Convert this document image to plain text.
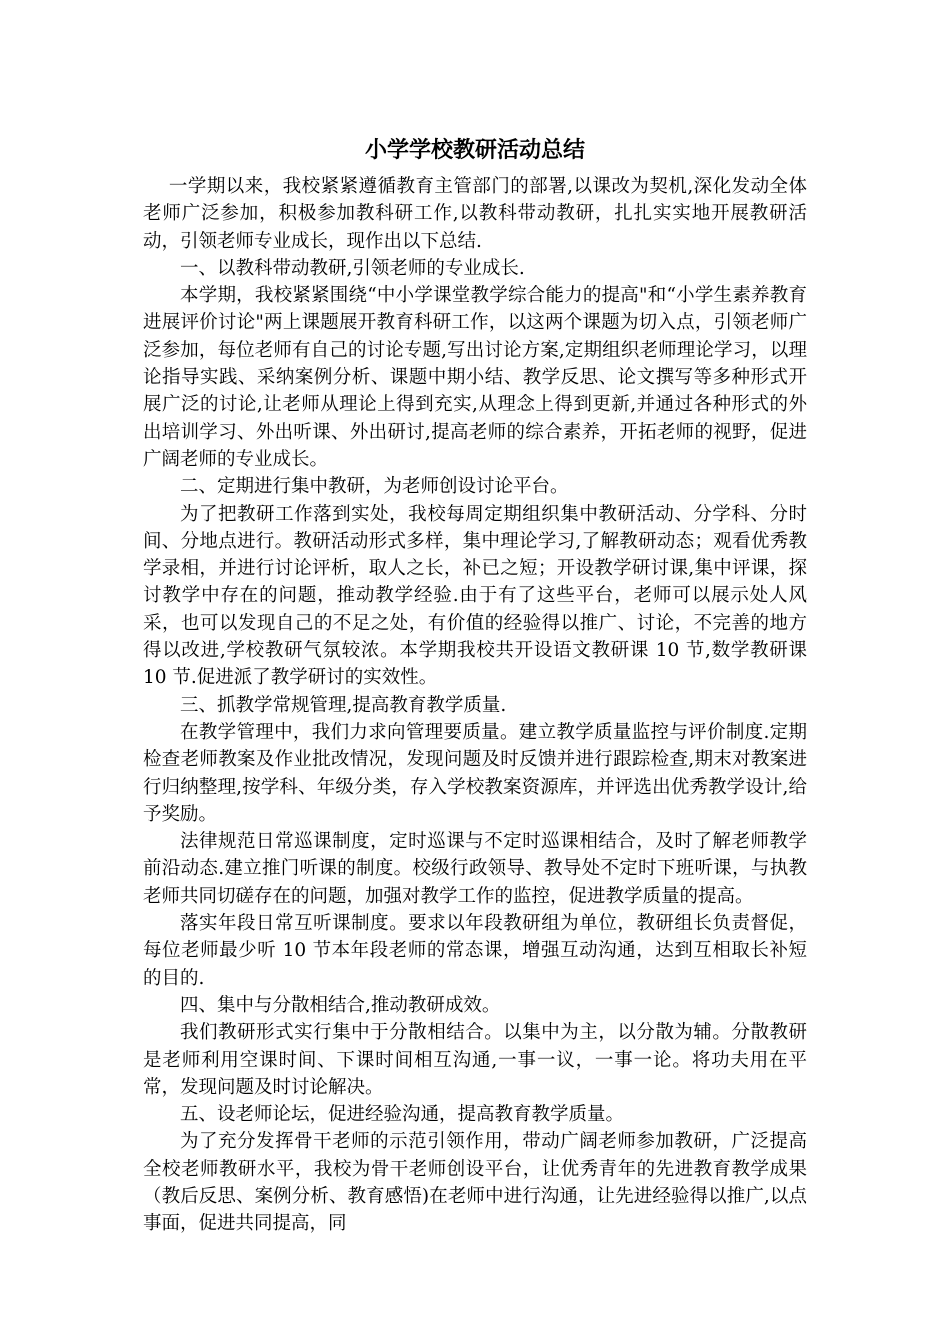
小学学校教研活动总结

一学期以来，我校紧紧遵循教育主管部门的部署,以课改为契机,深化发动全体老师广泛参加，积极参加教科研工作,以教科带动教研，扎扎实实地开展教研活动，引领老师专业成长，现作出以下总结.

一、以教科带动教研,引领老师的专业成长.

本学期，我校紧紧围绕“中小学课堂教学综合能力的提高"和“小学生素养教育进展评价讨论"两上课题展开教育科研工作，以这两个课题为切入点，引领老师广泛参加，每位老师有自己的讨论专题,写出讨论方案,定期组织老师理论学习，以理论指导实践、采纳案例分析、课题中期小结、教学反思、论文撰写等多种形式开展广泛的讨论,让老师从理论上得到充实,从理念上得到更新,并通过各种形式的外出培训学习、外出听课、外出研讨,提高老师的综合素养，开拓老师的视野，促进广阔老师的专业成长。

二、定期进行集中教研，为老师创设讨论平台。

为了把教研工作落到实处，我校每周定期组织集中教研活动、分学科、分时间、分地点进行。教研活动形式多样，集中理论学习,了解教研动态；观看优秀教学录相，并进行讨论评析，取人之长，补已之短；开设教学研讨课,集中评课，探讨教学中存在的问题，推动教学经验.由于有了这些平台，老师可以展示处人风采，也可以发现自己的不足之处，有价值的经验得以推广、讨论，不完善的地方得以改进,学校教研气氛较浓。本学期我校共开设语文教研课 10 节,数学教研课 10 节.促进派了教学研讨的实效性。

三、抓教学常规管理,提高教育教学质量.

在教学管理中，我们力求向管理要质量。建立教学质量监控与评价制度.定期检查老师教案及作业批改情况，发现问题及时反馈并进行跟踪检查,期末对教案进行归纳整理,按学科、年级分类，存入学校教案资源库，并评选出优秀教学设计,给予奖励。

法律规范日常巡课制度，定时巡课与不定时巡课相结合，及时了解老师教学前沿动态.建立推门听课的制度。校级行政领导、教导处不定时下班听课，与执教老师共同切磋存在的问题，加强对教学工作的监控，促进教学质量的提高。

落实年段日常互听课制度。要求以年段教研组为单位，教研组长负责督促，每位老师最少听 10 节本年段老师的常态课，增强互动沟通，达到互相取长补短的目的.

四、集中与分散相结合,推动教研成效。

我们教研形式实行集中于分散相结合。以集中为主，以分散为辅。分散教研是老师利用空课时间、下课时间相互沟通,一事一议，一事一论。将功夫用在平常，发现问题及时讨论解决。

五、设老师论坛，促进经验沟通，提高教育教学质量。

为了充分发挥骨干老师的示范引领作用，带动广阔老师参加教研，广泛提高全校老师教研水平，我校为骨干老师创设平台，让优秀青年的先进教育教学成果（教后反思、案例分析、教育感悟)在老师中进行沟通，让先进经验得以推广,以点事面，促进共同提高，同
